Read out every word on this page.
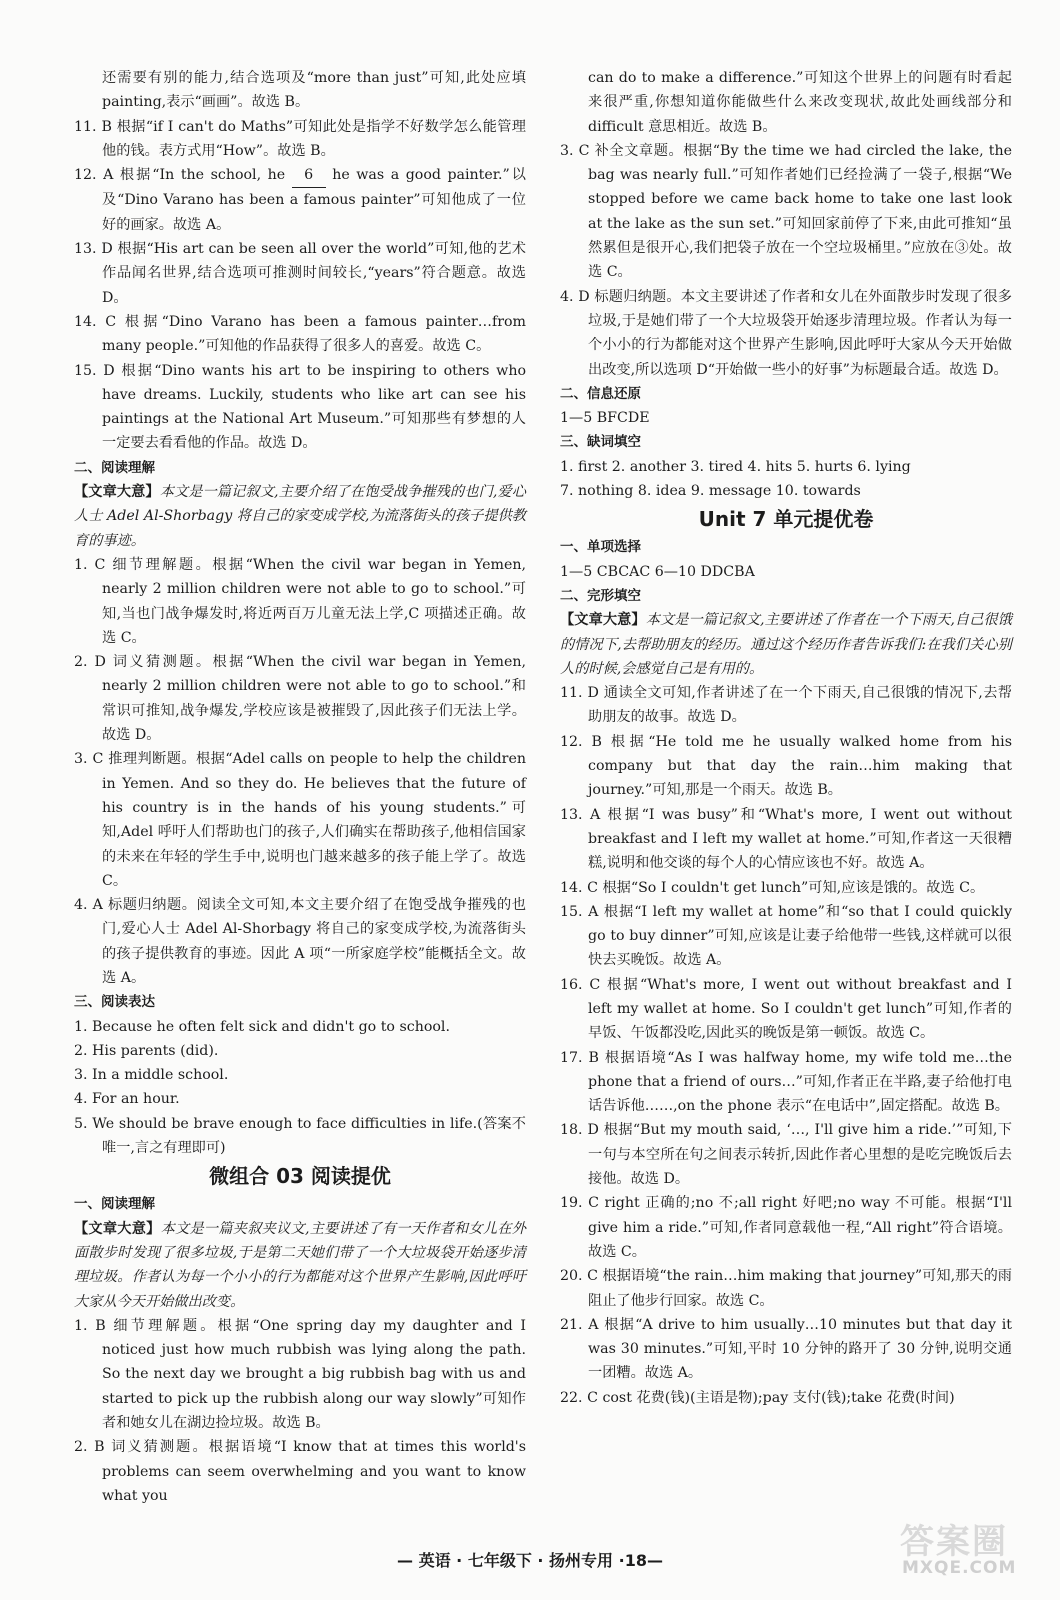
还需要有别的能力,结合选项及“more than just”可知,此处应填painting,表示“画画”。故选 B。
11. B 根据“if I can't do Maths”可知此处是指学不好数学怎么能管理他的钱。表方式用“How”。故选 B。
12. A 根据“In the school, he 6 he was a good painter.”以及“Dino Varano has been a famous painter”可知他成了一位好的画家。故选 A。
13. D 根据“His art can be seen all over the world”可知,他的艺术作品闻名世界,结合选项可推测时间较长,“years”符合题意。故选 D。
14. C 根据“Dino Varano has been a famous painter…from many people.”可知他的作品获得了很多人的喜爱。故选 C。
15. D 根据“Dino wants his art to be inspiring to others who have dreams. Luckily, students who like art can see his paintings at the National Art Museum.”可知那些有梦想的人一定要去看看他的作品。故选 D。
二、阅读理解
【文章大意】本文是一篇记叙文,主要介绍了在饱受战争摧残的也门,爱心人士 Adel Al-Shorbagy 将自己的家变成学校,为流落街头的孩子提供教育的事迹。
1. C 细节理解题。根据“When the civil war began in Yemen, nearly 2 million children were not able to go to school.”可知,当也门战争爆发时,将近两百万儿童无法上学,C 项描述正确。故选 C。
2. D 词义猜测题。根据“When the civil war began in Yemen, nearly 2 million children were not able to go to school.”和常识可推知,战争爆发,学校应该是被摧毁了,因此孩子们无法上学。故选 D。
3. C 推理判断题。根据“Adel calls on people to help the children in Yemen. And so they do. He believes that the future of his country is in the hands of his young students.”可知,Adel 呼吁人们帮助也门的孩子,人们确实在帮助孩子,他相信国家的未来在年轻的学生手中,说明也门越来越多的孩子能上学了。故选 C。
4. A 标题归纳题。阅读全文可知,本文主要介绍了在饱受战争摧残的也门,爱心人士 Adel Al-Shorbagy 将自己的家变成学校,为流落街头的孩子提供教育的事迹。因此 A 项“一所家庭学校”能概括全文。故选 A。
三、阅读表达
1. Because he often felt sick and didn't go to school.
2. His parents (did).
3. In a middle school.
4. For an hour.
5. We should be brave enough to face difficulties in life.(答案不唯一,言之有理即可)
微组合 03 阅读提优
一、阅读理解
【文章大意】本文是一篇夹叙夹议文,主要讲述了有一天作者和女儿在外面散步时发现了很多垃圾,于是第二天她们带了一个大垃圾袋开始逐步清理垃圾。作者认为每一个小小的行为都能对这个世界产生影响,因此呼吁大家从今天开始做出改变。
1. B 细节理解题。根据“One spring day my daughter and I noticed just how much rubbish was lying along the path. So the next day we brought a big rubbish bag with us and started to pick up the rubbish along our way slowly”可知作者和她女儿在湖边捡垃圾。故选 B。
2. B 词义猜测题。根据语境“I know that at times this world's problems can seem overwhelming and you want to know what you
can do to make a difference.”可知这个世界上的问题有时看起来很严重,你想知道你能做些什么来改变现状,故此处画线部分和difficult 意思相近。故选 B。
3. C 补全文章题。根据“By the time we had circled the lake, the bag was nearly full.”可知作者她们已经捡满了一袋子,根据“We stopped before we came back home to take one last look at the lake as the sun set.”可知回家前停了下来,由此可推知“虽然累但是很开心,我们把袋子放在一个空垃圾桶里。”应放在③处。故选 C。
4. D 标题归纳题。本文主要讲述了作者和女儿在外面散步时发现了很多垃圾,于是她们带了一个大垃圾袋开始逐步清理垃圾。作者认为每一个小小的行为都能对这个世界产生影响,因此呼吁大家从今天开始做出改变,所以选项 D“开始做一些小的好事”为标题最合适。故选 D。
二、信息还原
1—5 BFCDE
三、缺词填空
1. first 2. another 3. tired 4. hits 5. hurts 6. lying
7. nothing 8. idea 9. message 10. towards
Unit 7 单元提优卷
一、单项选择
1—5 CBCAC 6—10 DDCBA
二、完形填空
【文章大意】本文是一篇记叙文,主要讲述了作者在一个下雨天,自己很饿的情况下,去帮助朋友的经历。通过这个经历作者告诉我们:在我们关心别人的时候,会感觉自己是有用的。
11. D 通读全文可知,作者讲述了在一个下雨天,自己很饿的情况下,去帮助朋友的故事。故选 D。
12. B 根据“He told me he usually walked home from his company but that day the rain…him making that journey.”可知,那是一个雨天。故选 B。
13. A 根据“I was busy”和“What's more, I went out without breakfast and I left my wallet at home.”可知,作者这一天很糟糕,说明和他交谈的每个人的心情应该也不好。故选 A。
14. C 根据“So I couldn't get lunch”可知,应该是饿的。故选 C。
15. A 根据“I left my wallet at home”和“so that I could quickly go to buy dinner”可知,应该是让妻子给他带一些钱,这样就可以很快去买晚饭。故选 A。
16. C 根据“What's more, I went out without breakfast and I left my wallet at home. So I couldn't get lunch”可知,作者的早饭、午饭都没吃,因此买的晚饭是第一顿饭。故选 C。
17. B 根据语境“As I was halfway home, my wife told me…the phone that a friend of ours…”可知,作者正在半路,妻子给他打电话告诉他……,on the phone 表示“在电话中”,固定搭配。故选 B。
18. D 根据“But my mouth said, ‘…, I'll give him a ride.’”可知,下一句与本空所在句之间表示转折,因此作者心里想的是吃完晚饭后去接他。故选 D。
19. C right 正确的;no 不;all right 好吧;no way 不可能。根据“I'll give him a ride.”可知,作者同意载他一程,“All right”符合语境。故选 C。
20. C 根据语境“the rain…him making that journey”可知,那天的雨阻止了他步行回家。故选 C。
21. A 根据“A drive to him usually…10 minutes but that day it was 30 minutes.”可知,平时 10 分钟的路开了 30 分钟,说明交通一团糟。故选 A。
22. C cost 花费(钱)(主语是物);pay 支付(钱);take 花费(时间)
— 英语 · 七年级下 · 扬州专用 ·18—	答案圈
MXQE.COM
